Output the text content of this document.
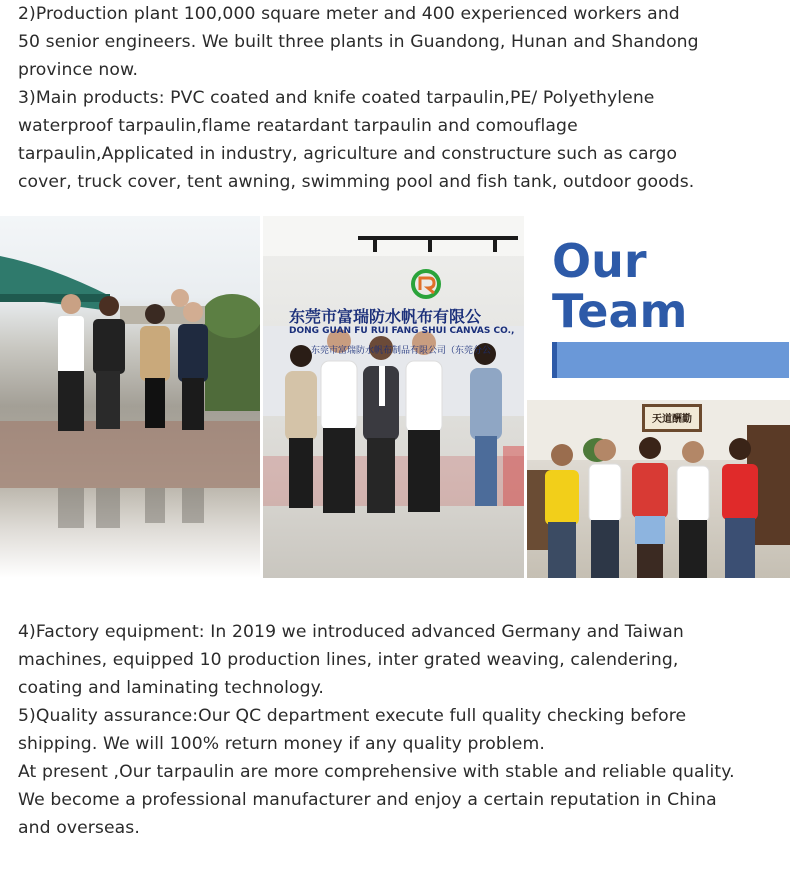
2)Production plant 100,000 square meter and 400 experienced workers and

50 senior engineers. We built three plants in Guandong, Hunan and Shandong

province now.

3)Main products: PVC coated and knife coated tarpaulin,PE/ Polyethylene

waterproof tarpaulin,flame reatardant tarpaulin and comouflage

tarpaulin,Applicated in industry, agriculture and constructure such as cargo

cover, truck cover, tent awning, swimming pool and fish tank, outdoor goods.

东莞市富瑞防水帆布有限公
DONG GUAN FU RUI FANG SHUI CANVAS CO.,
东莞市富瑞防水帆布制品有限公司（东莞分公
Our
Team
天道酬勤

4)Factory equipment: In 2019 we introduced advanced Germany and Taiwan

machines, equipped 10 production lines, inter grated weaving, calendering,

coating and laminating technology.

5)Quality assurance:Our QC department execute full quality checking before

shipping. We will 100% return money if any quality problem.

At present ,Our tarpaulin are more comprehensive with stable and reliable quality.

We become a professional manufacturer and enjoy a certain reputation in China

and overseas.
